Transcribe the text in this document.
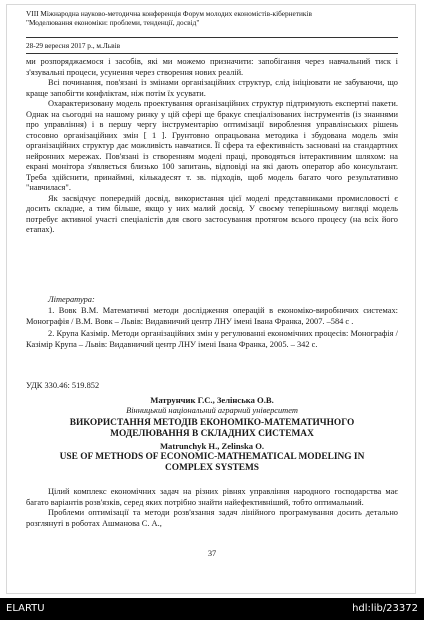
VIII Міжнародна науково-методична конференція Форум молодих економістів-кібернетиків
"Моделювання економіки: проблеми, тенденції, досвід"
28-29 вересня 2017 р., м.Львів

ми розпоряджаємося і засобів, які ми можемо призначити: запобігання через навчальний тиск і з'язувальні процеси, усунення через створення нових реалій.

Всі починання, пов'язані із змінами організаційних структур, слід ініціювати не забуваючи, що краще запобігти конфліктам, ніж потім їх усувати.

Охарактеризовану модель проектування організаційних структур підтримують експертні пакети. Однак на сьогодні на нашому ринку у цій сфері ще бракує спеціалізованих інструментів (із знаннями про управління) і в першу чергу інструментарію оптимізації вироблення управлінських рішень стосовно організаційних змін [ 1 ]. Грунтовно опрацьована методика і збудована модель змін організаційних структур дає можливість навчатися. Її сфера та ефективність засновані на стандартних нейронних мережах. Пов'язані із створенням моделі праці, проводяться інтерактивним шляхом: на екрані монітора з'являється близько 100 запитань, відповіді на які дають оператор або консультант. Треба здійснити, принаймні, кількадесят т. зв. підходів, щоб модель багато чого результативно "навчилася".

Як засвідчує попередній досвід, використання цієї моделі представниками промисловості є досить складне, а тим більше, якщо у них малий досвід. У своєму теперішньому вигляді модель потребує активної участі спеціалістів для свого застосування протягом всього процесу (на всіх його етапах).

Література:

1. Вовк В.М. Математичні методи дослідження операцій в економіко-виробничих системах: Монографія / В.М. Вовк – Львів: Видавничий центр ЛНУ імені Івана Франка, 2007. –584 с .

2. Крупа Казімір. Методи організаційних змін у регулюванні економічних процесів: Монографія / Казімір Крупа – Львів: Видавничий центр ЛНУ імені Івана Франка, 2005. – 342 с.

УДК 330.46: 519.852
Матрунчик Г.С., Зелінська О.В.
Вінницький національний аграрний університет
ВИКОРИСТАННЯ МЕТОДІВ ЕКОНОМІКО-МАТЕМАТИЧНОГО МОДЕЛЮВАННЯ В СКЛАДНИХ СИСТЕМАХ
Matrunchyk H., Zelinska O.
USE OF METHODS OF ECONOMIC-MATHEMATICAL MODELING IN COMPLEX SYSTEMS

Цілий комплекс економічних задач на різних рівнях управління народного господарства має багато варіантів розв'язків, серед яких потрібно знайти найефективніший, тобто оптимальний.

Проблеми оптимізації та методи розв'язання задач лінійного програмування досить детально розглянуті в роботах Ашманова С. А.,

37
ELARTU	hdl:lib/23372
